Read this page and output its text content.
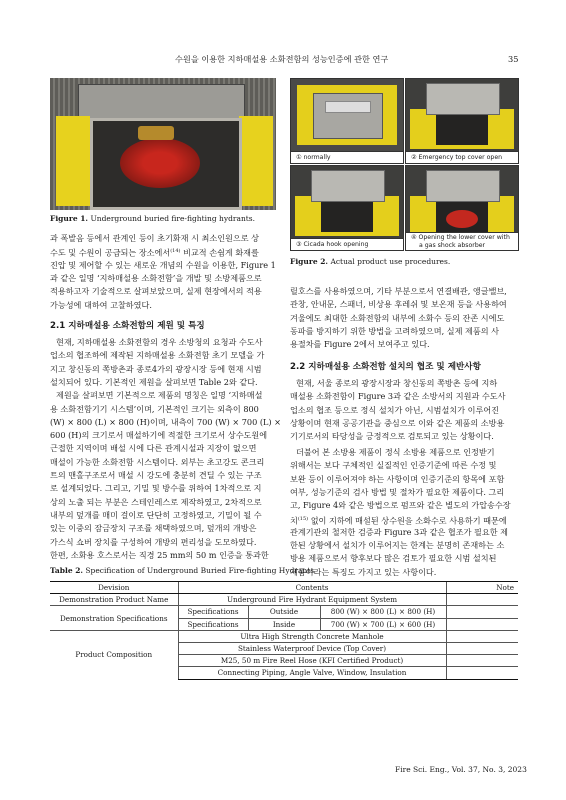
수원을 이용한 지하매설용 소화전함의 성능인증에 관한 연구	35
Figure 1. Underground buried fire-fighting hydrants.
① normally	② Emergency top cover open
③ Cicada hook opening
④ Opening the lower cover with
a gas shock absorber
Figure 2. Actual product use procedures.
과 폭발음 등에서 관계인 등이 초기화재 시 최소인원으로 상
수도 및 수원이 공급되는 장소에서$^{(14)}$ 비교적 손쉽게 화재를
진압 및 제어할 수 있는 새로운 개념의 수원을 이용한, Figure 1
과 같은 일명 ‘지하매설용 소화전함’을 개발 및 소방제품으로
적용하고자 기술적으로 살펴보았으며, 실제 현장에서의 적용
가능성에 대하여 고찰하였다.
2.1 지하매설용 소화전함의 제원 및 특징
현재, 지하매설용 소화전함의 경우 소방청의 요청과 수도사
업소의 협조하에 제작된 지하매설용 소화전함 초기 모델을 가
지고 창신동의 쪽방촌과 종로4가의 광장시장 등에 현재 시범
설치되어 있다. 기본적인 제원을 살펴보면 Table 2와 같다.
제원을 살펴보면 기본적으로 제품의 명칭은 일명 ‘지하매설
용 소화전함기기 시스템’이며, 기본적인 크기는 외측이 800
(W) × 800 (L) × 800 (H)이며, 내측이 700 (W) × 700 (L) ×
600 (H)의 크기로서 매설하기에 적절한 크기로서 상수도원에
근접한 지역이며 배설 시에 다른 관계시설과 지장이 없으면
매설이 가능한 소화전함 시스템이다. 외부는 초고강도 콘크리
트의 맨홀구조로서 매설 시 강도에 충분히 견딜 수 있는 구조
로 설계되었다. 그리고, 기밀 및 방수를 위하여 1차적으로 지
상의 노출 되는 부분은 스테인레스로 제작하였고, 2차적으로
내부의 덮개를 매미 걸이로 단단히 고정하였고, 기밀이 될 수
있는 이중의 잠금장치 구조를 채택하였으며, 덮개의 개방은
가스식 쇼버 장치를 구성하여 개방의 편리성을 도모하였다.
한편, 소화용 호스로서는 직경 25 mm의 50 m 인증을 통과한
릴호스를 사용하였으며, 기타 부분으로서 연결배관, 앵글밸브,
관창, 안내문, 스패너, 비상용 후레쉬 및 보온재 등을 사용하여
겨울에도 최대한 소화전함의 내부에 소화수 등의 잔존 시에도
동파를 방지하기 위한 방법을 고려하였으며, 실제 제품의 사
용절차를 Figure 2에서 보여주고 있다.
2.2 지하매설용 소화전함 설치의 협조 및 제반사항
현재, 서울 종로의 광장시장과 창신동의 쪽방촌 등에 지하
매설용 소화전함이 Figure 3과 같은 소방서의 지원과 수도사
업소의 협조 등으로 정식 설치가 아닌, 시범설치가 이루어진
상황이며 현재 공공기관을 중심으로 이와 같은 제품의 소방용
기기로서의 타당성을 긍정적으로 검토되고 있는 상황이다.
더불어 본 소방용 제품이 정식 소방용 제품으로 인정받기
위해서는 보다 구체적인 실질적인 인증기준에 따른 수정 및
보완 등이 이루어져야 하는 사항이며 인증기준의 항목에 포함
여부, 성능기준의 검사 방법 및 절차가 필요한 제품이다. 그리
고, Figure 4와 같은 방법으로 펌프와 같은 별도의 가압송수장
치$^{(15)}$ 없이 지하에 매설된 상수원을 소화수로 사용하기 때문에
관계기관의 철저한 검증과 Figure 3과 같은 협조가 필요한 제
한된 상황에서 설치가 이루어지는 한계는 분명히 존재하는 소
방용 제품으로서 향후보다 많은 검토가 필요한 시범 설치된
제품이라는 특징도 가지고 있는 사항이다.
Table 2. Specification of Underground Buried Fire-fighting Hydrants
Devision	Contents			Note
Demonstration Product Name	Underground Fire Hydrant Equipment System			
Demonstration Specifications	Specifications	Outside	800 (W) × 800 (L) × 800 (H)	
	Specifications	Inside	700 (W) × 700 (L) × 600 (H)	
Product Composition	Ultra High Strength Concrete Manhole			
	Stainless Waterproof Device (Top Cover)			
	M25, 50 m Fire Reel Hose (KFI Certified Product)			
	Connecting Piping, Angle Valve, Window, Insulation			
Fire Sci. Eng., Vol. 37, No. 3, 2023
